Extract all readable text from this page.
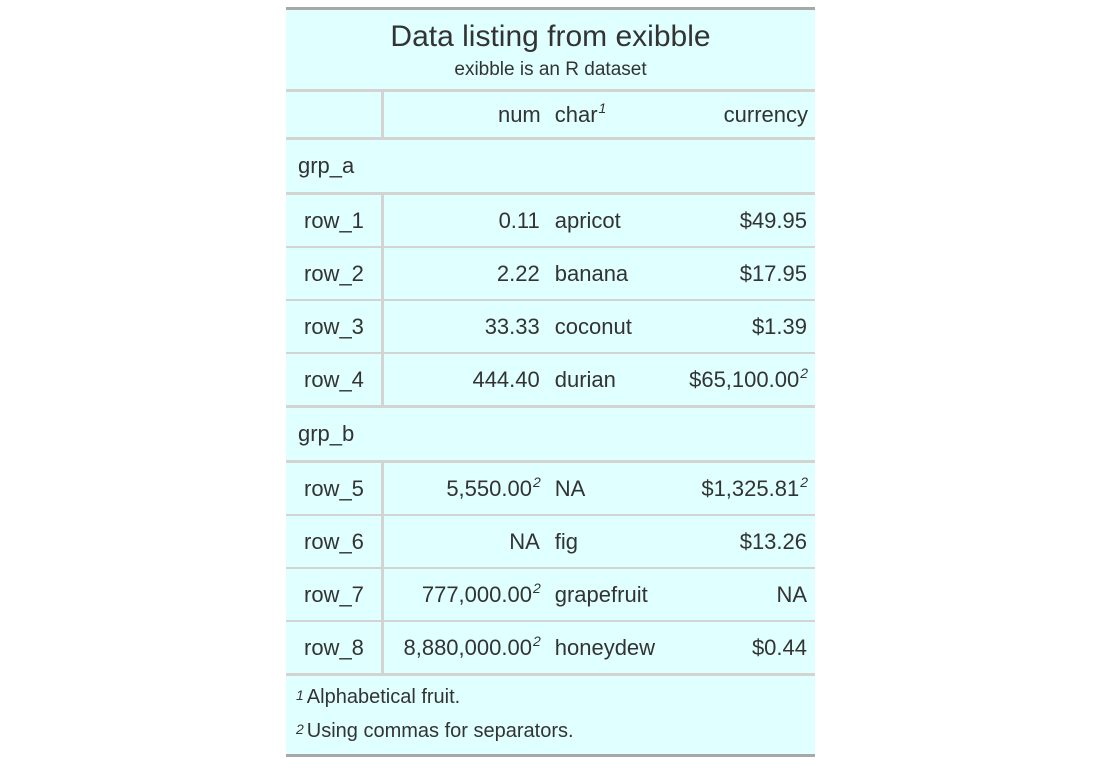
Data listing from exibble
exibble is an R dataset			

	num	char$^1$	currency
grp_a			
row_1	0.11	apricot	$49.95
row_2	2.22	banana	$17.95
row_3	33.33	coconut	$1.39
row_4	444.40	durian	$65,100.00$^2$
grp_b			
row_5	5,550.00$^2$	NA	$1,325.81$^2$
row_6	NA	fig	$13.26
row_7	777,000.00$^2$	grapefruit	NA
row_8	8,880,000.00$^2$	honeydew	$0.44

$^1$ Alphabetical fruit.
$^2$ Using commas for separators.			
